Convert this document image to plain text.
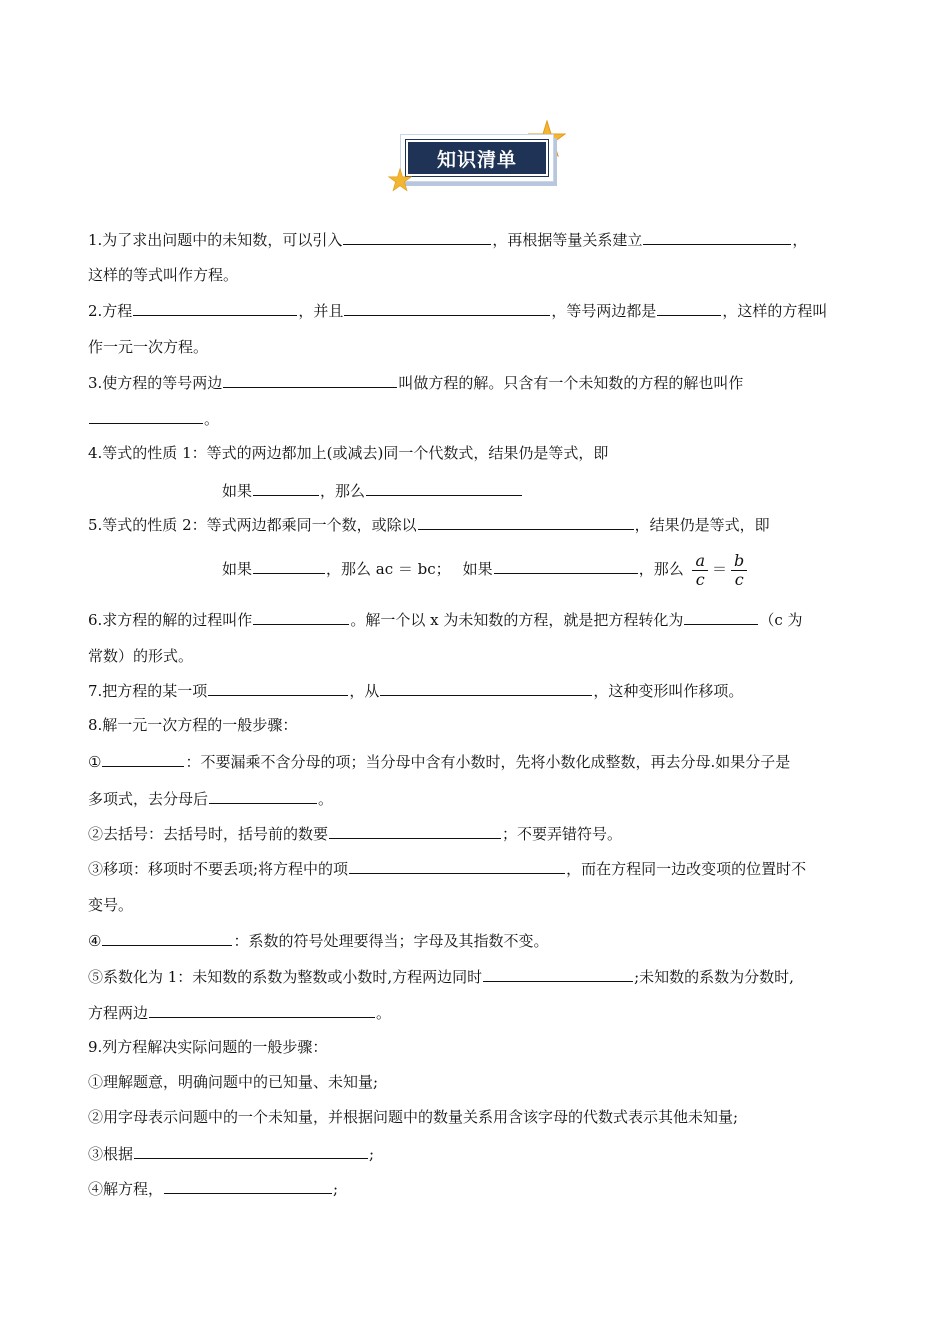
知识清单
1.为了求出问题中的未知数，可以引入	，再根据等量关系建立	，
这样的等式叫作方程。
2.方程	，并且	，等号两边都是	，这样的方程叫
作一元一次方程。
3.使方程的等号两边	叫做方程的解。只含有一个未知数的方程的解也叫作
。
4.等式的性质 1：等式的两边都加上(或减去)同一个代数式，结果仍是等式，即
如果	，那么
5.等式的性质 2：等式两边都乘同一个数，或除以	，结果仍是等式，即
如果	，那么 ac ＝ bc； 如果	，那么 $\frac{a}{c} = \frac{b}{c}$
6.求方程的解的过程叫作	。解一个以 x 为未知数的方程，就是把方程转化为	（c 为
常数）的形式。
7.把方程的某一项	，从	，这种变形叫作移项。
8.解一元一次方程的一般步骤：
①	：不要漏乘不含分母的项；当分母中含有小数时，先将小数化成整数，再去分母.如果分子是
多项式，去分母后	。
②去括号：去括号时，括号前的数要	；不要弄错符号。
③移项：移项时不要丢项;将方程中的项	，而在方程同一边改变项的位置时不
变号。
④	：系数的符号处理要得当；字母及其指数不变。
⑤系数化为 1：未知数的系数为整数或小数时,方程两边同时	;未知数的系数为分数时,
方程两边	。
9.列方程解决实际问题的一般步骤：
①理解题意，明确问题中的已知量、未知量;
②用字母表示问题中的一个未知量，并根据问题中的数量关系用含该字母的代数式表示其他未知量;
③根据	;
④解方程，	;
